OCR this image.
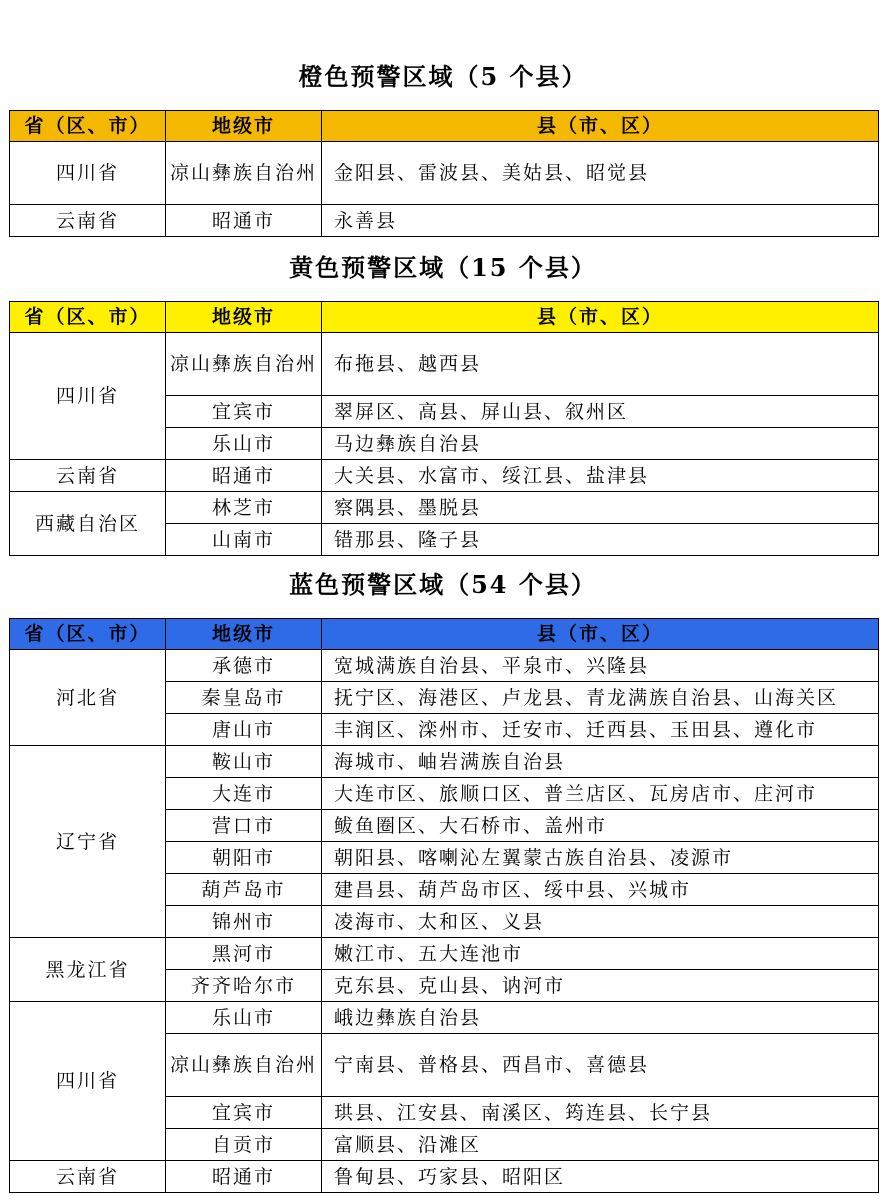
橙色预警区域（5 个县）
省（区、市）	地级市	县（市、区）
四川省	凉山彝族自治州	金阳县、雷波县、美姑县、昭觉县
云南省	昭通市	永善县
黄色预警区域（15 个县）
省（区、市）	地级市	县（市、区）
四川省	凉山彝族自治州	布拖县、越西县
	宜宾市	翠屏区、高县、屏山县、叙州区
	乐山市	马边彝族自治县
云南省	昭通市	大关县、水富市、绥江县、盐津县
西藏自治区	林芝市	察隅县、墨脱县
	山南市	错那县、隆子县
蓝色预警区域（54 个县）
省（区、市）	地级市	县（市、区）
河北省	承德市	宽城满族自治县、平泉市、兴隆县
	秦皇岛市	抚宁区、海港区、卢龙县、青龙满族自治县、山海关区
	唐山市	丰润区、滦州市、迁安市、迁西县、玉田县、遵化市
辽宁省	鞍山市	海城市、岫岩满族自治县
	大连市	大连市区、旅顺口区、普兰店区、瓦房店市、庄河市
	营口市	鲅鱼圈区、大石桥市、盖州市
	朝阳市	朝阳县、喀喇沁左翼蒙古族自治县、凌源市
	葫芦岛市	建昌县、葫芦岛市区、绥中县、兴城市
	锦州市	凌海市、太和区、义县
黑龙江省	黑河市	嫩江市、五大连池市
	齐齐哈尔市	克东县、克山县、讷河市
四川省	乐山市	峨边彝族自治县
	凉山彝族自治州	宁南县、普格县、西昌市、喜德县
	宜宾市	珙县、江安县、南溪区、筠连县、长宁县
	自贡市	富顺县、沿滩区
云南省	昭通市	鲁甸县、巧家县、昭阳区
